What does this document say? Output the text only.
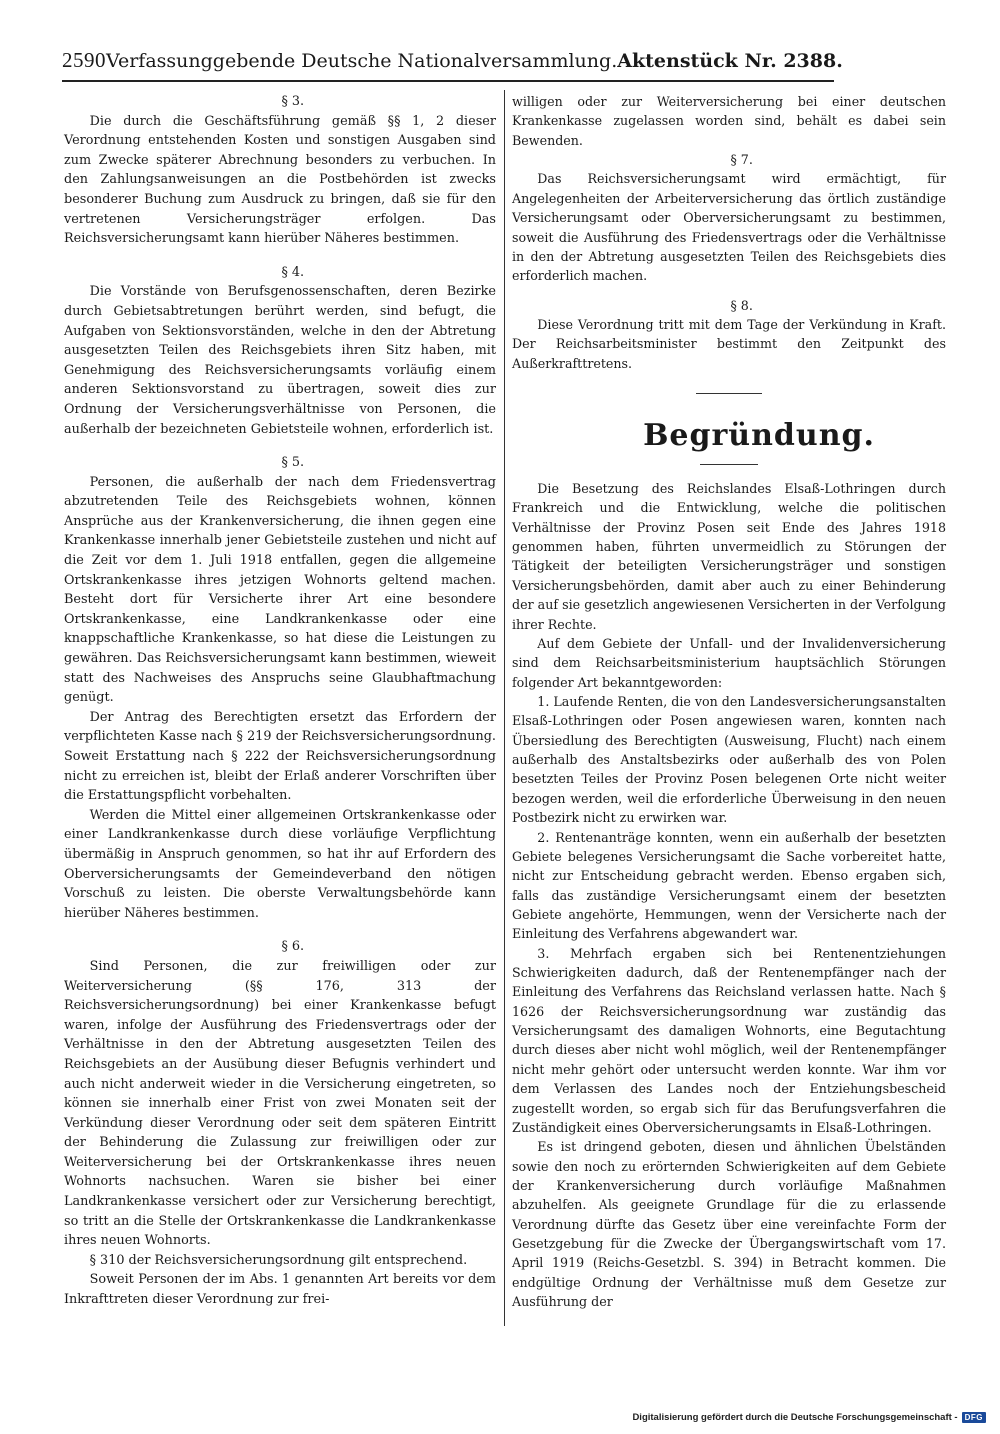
2590 Verfassunggebende Deutsche Nationalversammlung. Aktenstück Nr. 2388.

§ 3.

Die durch die Geschäftsführung gemäß §§ 1, 2 dieser Verordnung entstehenden Kosten und sonstigen Ausgaben sind zum Zwecke späterer Abrechnung besonders zu verbuchen. In den Zahlungsanweisungen an die Postbehörden ist zwecks besonderer Buchung zum Ausdruck zu bringen, daß sie für den vertretenen Versicherungsträger erfolgen. Das Reichsversicherungsamt kann hierüber Näheres bestimmen.

§ 4.

Die Vorstände von Berufsgenossenschaften, deren Bezirke durch Gebietsabtretungen berührt werden, sind befugt, die Aufgaben von Sektionsvorständen, welche in den der Abtretung ausgesetzten Teilen des Reichsgebiets ihren Sitz haben, mit Genehmigung des Reichsversicherungsamts vorläufig einem anderen Sektionsvorstand zu übertragen, soweit dies zur Ordnung der Versicherungsverhältnisse von Personen, die außerhalb der bezeichneten Gebietsteile wohnen, erforderlich ist.

§ 5.

Personen, die außerhalb der nach dem Friedensvertrag abzutretenden Teile des Reichsgebiets wohnen, können Ansprüche aus der Krankenversicherung, die ihnen gegen eine Krankenkasse innerhalb jener Gebietsteile zustehen und nicht auf die Zeit vor dem 1. Juli 1918 entfallen, gegen die allgemeine Ortskrankenkasse ihres jetzigen Wohnorts geltend machen. Besteht dort für Versicherte ihrer Art eine besondere Ortskrankenkasse, eine Landkrankenkasse oder eine knappschaftliche Krankenkasse, so hat diese die Leistungen zu gewähren. Das Reichsversicherungsamt kann bestimmen, wieweit statt des Nachweises des Anspruchs seine Glaubhaftmachung genügt.

Der Antrag des Berechtigten ersetzt das Erfordern der verpflichteten Kasse nach § 219 der Reichsversicherungsordnung. Soweit Erstattung nach § 222 der Reichsversicherungsordnung nicht zu erreichen ist, bleibt der Erlaß anderer Vorschriften über die Erstattungspflicht vorbehalten.

Werden die Mittel einer allgemeinen Ortskrankenkasse oder einer Landkrankenkasse durch diese vorläufige Verpflichtung übermäßig in Anspruch genommen, so hat ihr auf Erfordern des Oberversicherungsamts der Gemeindeverband den nötigen Vorschuß zu leisten. Die oberste Verwaltungsbehörde kann hierüber Näheres bestimmen.

§ 6.

Sind Personen, die zur freiwilligen oder zur Weiterversicherung (§§ 176, 313 der Reichsversicherungsordnung) bei einer Krankenkasse befugt waren, infolge der Ausführung des Friedensvertrags oder der Verhältnisse in den der Abtretung ausgesetzten Teilen des Reichsgebiets an der Ausübung dieser Befugnis verhindert und auch nicht anderweit wieder in die Versicherung eingetreten, so können sie innerhalb einer Frist von zwei Monaten seit der Verkündung dieser Verordnung oder seit dem späteren Eintritt der Behinderung die Zulassung zur freiwilligen oder zur Weiterversicherung bei der Ortskrankenkasse ihres neuen Wohnorts nachsuchen. Waren sie bisher bei einer Landkrankenkasse versichert oder zur Versicherung berechtigt, so tritt an die Stelle der Ortskrankenkasse die Landkrankenkasse ihres neuen Wohnorts.

§ 310 der Reichsversicherungsordnung gilt entsprechend.

Soweit Personen der im Abs. 1 genannten Art bereits vor dem Inkrafttreten dieser Verordnung zur frei-

willigen oder zur Weiterversicherung bei einer deutschen Krankenkasse zugelassen worden sind, behält es dabei sein Bewenden.

§ 7.

Das Reichsversicherungsamt wird ermächtigt, für Angelegenheiten der Arbeiterversicherung das örtlich zuständige Versicherungsamt oder Oberversicherungsamt zu bestimmen, soweit die Ausführung des Friedensvertrags oder die Verhältnisse in den der Abtretung ausgesetzten Teilen des Reichsgebiets dies erforderlich machen.

§ 8.

Diese Verordnung tritt mit dem Tage der Verkündung in Kraft. Der Reichsarbeitsminister bestimmt den Zeitpunkt des Außerkrafttretens.

Begründung.

Die Besetzung des Reichslandes Elsaß-Lothringen durch Frankreich und die Entwicklung, welche die politischen Verhältnisse der Provinz Posen seit Ende des Jahres 1918 genommen haben, führten unvermeidlich zu Störungen der Tätigkeit der beteiligten Versicherungsträger und sonstigen Versicherungsbehörden, damit aber auch zu einer Behinderung der auf sie gesetzlich angewiesenen Versicherten in der Verfolgung ihrer Rechte.

Auf dem Gebiete der Unfall- und der Invalidenversicherung sind dem Reichsarbeitsministerium hauptsächlich Störungen folgender Art bekanntgeworden:

1. Laufende Renten, die von den Landesversicherungsanstalten Elsaß-Lothringen oder Posen angewiesen waren, konnten nach Übersiedlung des Berechtigten (Ausweisung, Flucht) nach einem außerhalb des Anstaltsbezirks oder außerhalb des von Polen besetzten Teiles der Provinz Posen belegenen Orte nicht weiter bezogen werden, weil die erforderliche Überweisung in den neuen Postbezirk nicht zu erwirken war.

2. Rentenanträge konnten, wenn ein außerhalb der besetzten Gebiete belegenes Versicherungsamt die Sache vorbereitet hatte, nicht zur Entscheidung gebracht werden. Ebenso ergaben sich, falls das zuständige Versicherungsamt einem der besetzten Gebiete angehörte, Hemmungen, wenn der Versicherte nach der Einleitung des Verfahrens abgewandert war.

3. Mehrfach ergaben sich bei Rentenentziehungen Schwierigkeiten dadurch, daß der Rentenempfänger nach der Einleitung des Verfahrens das Reichsland verlassen hatte. Nach § 1626 der Reichsversicherungsordnung war zuständig das Versicherungsamt des damaligen Wohnorts, eine Begutachtung durch dieses aber nicht wohl möglich, weil der Rentenempfänger nicht mehr gehört oder untersucht werden konnte. War ihm vor dem Verlassen des Landes noch der Entziehungsbescheid zugestellt worden, so ergab sich für das Berufungsverfahren die Zuständigkeit eines Oberversicherungsamts in Elsaß-Lothringen.

Es ist dringend geboten, diesen und ähnlichen Übelständen sowie den noch zu erörternden Schwierigkeiten auf dem Gebiete der Krankenversicherung durch vorläufige Maßnahmen abzuhelfen. Als geeignete Grundlage für die zu erlassende Verordnung dürfte das Gesetz über eine vereinfachte Form der Gesetzgebung für die Zwecke der Übergangswirtschaft vom 17. April 1919 (Reichs-Gesetzbl. S. 394) in Betracht kommen. Die endgültige Ordnung der Verhältnisse muß dem Gesetze zur Ausführung der

Digitalisierung gefördert durch die Deutsche Forschungsgemeinschaft - DFG
